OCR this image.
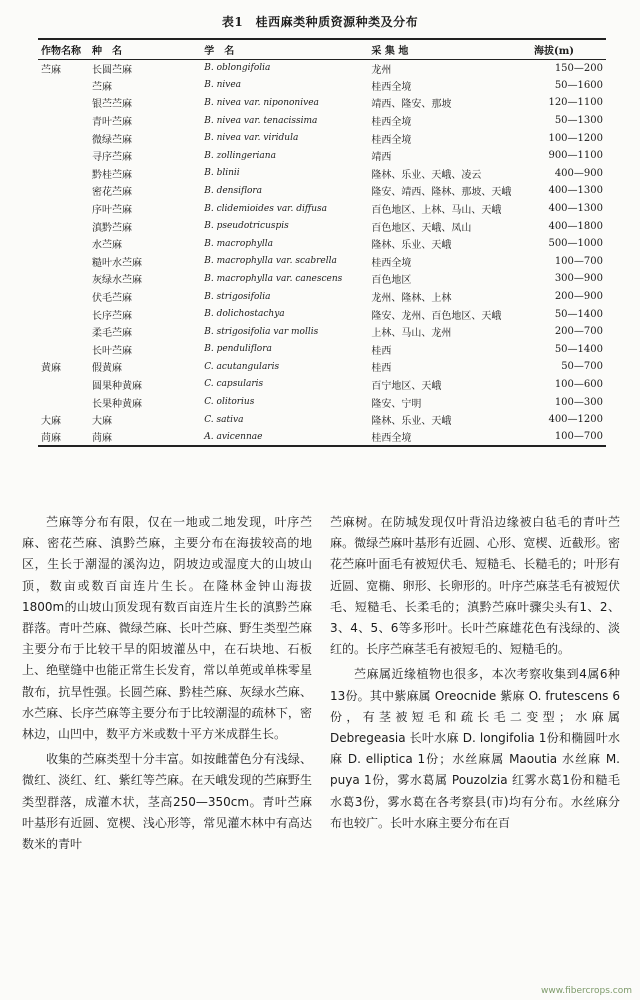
表1　桂西麻类种质资源种类及分布
作物名称	种　名	学　名	采 集 地	海拔(m)
苎麻	长圆苎麻	B. oblongifolia	龙州	150—200
	苎麻	B. nivea	桂西全境	50—1600
	银苎苎麻	B. nivea var. nipononivea	靖西、隆安、那坡	120—1100
	青叶苎麻	B. nivea var. tenacissima	桂西全境	50—1300
	微绿苎麻	B. nivea var. viridula	桂西全境	100—1200
	寻序苎麻	B. zollingeriana	靖西	900—1100
	黔桂苎麻	B. blinii	隆林、乐业、天峨、凌云	400—900
	密花苎麻	B. densiflora	隆安、靖西、隆林、那坡、天峨	400—1300
	序叶苎麻	B. clidemioides var. diffusa	百色地区、上林、马山、天峨	400—1300
	滇黔苎麻	B. pseudotricuspis	百色地区、天峨、凤山	400—1800
	水苎麻	B. macrophylla	隆林、乐业、天峨	500—1000
	糙叶水苎麻	B. macrophylla var. scabrella	桂西全境	100—700
	灰绿水苎麻	B. macrophylla var. canescens	百色地区	300—900
	伏毛苎麻	B. strigosifolia	龙州、隆林、上林	200—900
	长序苎麻	B. dolichostachya	隆安、龙州、百色地区、天峨	50—1400
	柔毛苎麻	B. strigosifolia var mollis	上林、马山、龙州	200—700
	长叶苎麻	B. penduliflora	桂西	50—1400
黄麻	假黄麻	C. acutangularis	桂西	50—700
	圆果种黄麻	C. capsularis	百宁地区、天峨	100—600
	长果种黄麻	C. olitorius	隆安、宁明	100—300
大麻	大麻	C. sativa	隆林、乐业、天峨	400—1200
苘麻	苘麻	A. avicennae	桂西全境	100—700

苎麻等分布有限，仅在一地或二地发现，叶序苎麻、密花苎麻、滇黔苎麻，主要分布在海拔较高的地区，生长于潮湿的溪沟边，阴坡边或湿度大的山坡山顶，数亩或数百亩连片生长。在隆林金钟山海拔1800m的山坡山顶发现有数百亩连片生长的滇黔苎麻群落。青叶苎麻、微绿苎麻、长叶苎麻、野生类型苎麻主要分布于比较干旱的阳坡灌丛中，在石块地、石板上、绝壁缝中也能正常生长发育，常以单蔸或单株零星散布，抗旱性强。长圆苎麻、黔桂苎麻、灰绿水苎麻、水苎麻、长序苎麻等主要分布于比较潮湿的疏林下，密林边，山凹中，数平方米或数十平方米成群生长。

收集的苎麻类型十分丰富。如按雌蕾色分有浅绿、微红、淡红、红、紫红等苎麻。在天峨发现的苎麻野生类型群落，成灌木状，茎高250—350cm。青叶苎麻叶基形有近圆、宽楔、浅心形等，常见灌木林中有高达数米的青叶

苎麻树。在防城发现仅叶背沿边缘被白毡毛的青叶苎麻。微绿苎麻叶基形有近圆、心形、宽楔、近截形。密花苎麻叶面毛有被短伏毛、短糙毛、长糙毛的；叶形有近圆、宽椭、卵形、长卵形的。叶序苎麻茎毛有被短伏毛、短糙毛、长柔毛的；滇黔苎麻叶骤尖头有1、2、3、4、5、6等多形叶。长叶苎麻雄花色有浅绿的、淡红的。长序苎麻茎毛有被短毛的、短糙毛的。

苎麻属近缘植物也很多，本次考察收集到4属6种13份。其中紫麻属 Oreocnide 紫麻 O. frutescens 6份，有茎被短毛和疏长毛二变型；水麻属 Debregeasia 长叶水麻 D. longifolia 1份和椭圆叶水麻 D. elliptica 1份；水丝麻属 Maoutia 水丝麻 M. puya 1份，雾水葛属 Pouzolzia 红雾水葛1份和糙毛水葛3份，雾水葛在各考察县(市)均有分布。水丝麻分布也较广。长叶水麻主要分布在百

www.fibercrops.com
